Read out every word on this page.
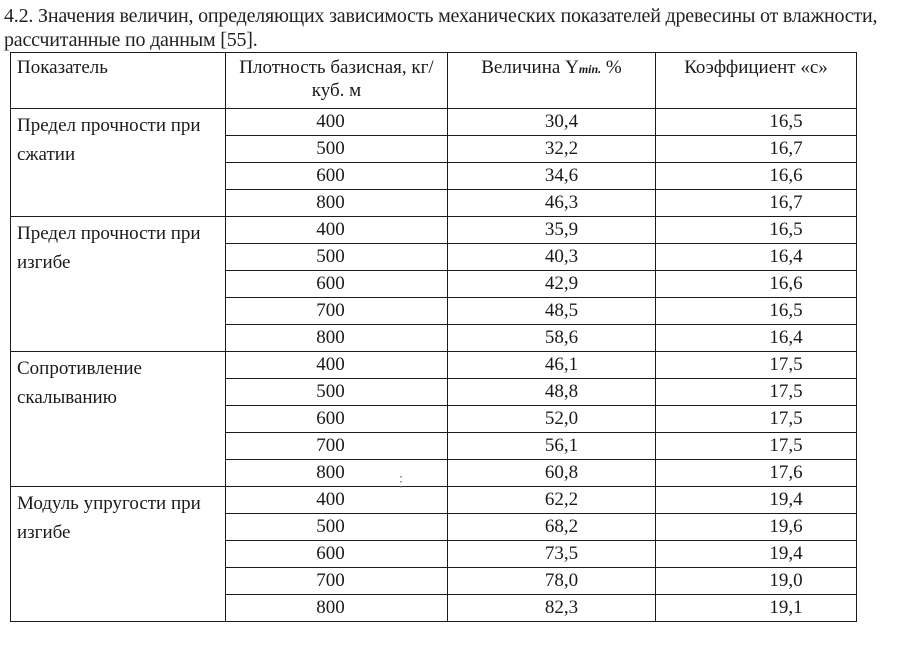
4.2. Значения величин, определяющих зависимость механических показателей древесины от влажности, рассчитанные по данным [55].
Показатель	Плотность базисная, кг/куб. м	Величина Ymin. %	Коэффициент «c»
Предел прочности при сжатии	400	30,4	16,5
	500	32,2	16,7
	600	34,6	16,6
	800	46,3	16,7
Предел прочности при изгибе	400	35,9	16,5
	500	40,3	16,4
	600	42,9	16,6
	700	48,5	16,5
	800	58,6	16,4
Сопротивление скалыванию	400	46,1	17,5
	500	48,8	17,5
	600	52,0	17,5
	700	56,1	17,5
	800	60,8	17,6
Модуль упругости при изгибе	400	62,2	19,4
	500	68,2	19,6
	600	73,5	19,4
	700	78,0	19,0
	800	82,3	19,1
⋮
